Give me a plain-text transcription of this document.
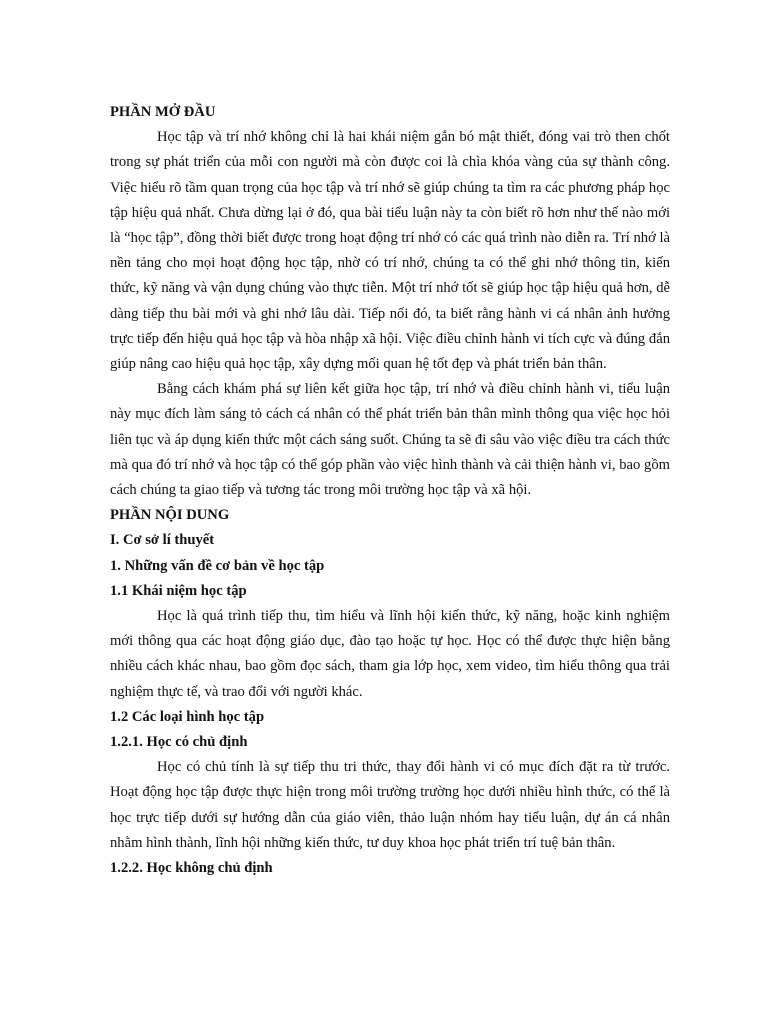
PHẦN MỞ ĐẦU

Học tập và trí nhớ không chỉ là hai khái niệm gắn bó mật thiết, đóng vai trò then chốt trong sự phát triển của mỗi con người mà còn được coi là chìa khóa vàng của sự thành công. Việc hiểu rõ tầm quan trọng của học tập và trí nhớ sẽ giúp chúng ta tìm ra các phương pháp học tập hiệu quả nhất. Chưa dừng lại ở đó, qua bài tiểu luận này ta còn biết rõ hơn như thế nào mới là “học tập”, đồng thời biết được trong hoạt động trí nhớ có các quá trình nào diễn ra. Trí nhớ là nền tảng cho mọi hoạt động học tập, nhờ có trí nhớ, chúng ta có thể ghi nhớ thông tin, kiến thức, kỹ năng và vận dụng chúng vào thực tiễn. Một trí nhớ tốt sẽ giúp học tập hiệu quả hơn, dễ dàng tiếp thu bài mới và ghi nhớ lâu dài. Tiếp nối đó, ta biết rằng hành vi cá nhân ảnh hưởng trực tiếp đến hiệu quả học tập và hòa nhập xã hội. Việc điều chỉnh hành vi tích cực và đúng đắn giúp nâng cao hiệu quả học tập, xây dựng mối quan hệ tốt đẹp và phát triển bản thân.

Bằng cách khám phá sự liên kết giữa học tập, trí nhớ và điều chỉnh hành vi, tiểu luận này mục đích làm sáng tỏ cách cá nhân có thể phát triển bản thân mình thông qua việc học hỏi liên tục và áp dụng kiến thức một cách sáng suốt. Chúng ta sẽ đi sâu vào việc điều tra cách thức mà qua đó trí nhớ và học tập có thể góp phần vào việc hình thành và cải thiện hành vi, bao gồm cách chúng ta giao tiếp và tương tác trong môi trường học tập và xã hội.

PHẦN NỘI DUNG

I. Cơ sở lí thuyết

1. Những vấn đề cơ bản về học tập

1.1 Khái niệm học tập

Học là quá trình tiếp thu, tìm hiểu và lĩnh hội kiến thức, kỹ năng, hoặc kinh nghiệm mới thông qua các hoạt động giáo dục, đào tạo hoặc tự học. Học có thể được thực hiện bằng nhiều cách khác nhau, bao gồm đọc sách, tham gia lớp học, xem video, tìm hiểu thông qua trải nghiệm thực tế, và trao đổi với người khác.

1.2 Các loại hình học tập

1.2.1. Học có chủ định

Học có chủ tính là sự tiếp thu tri thức, thay đổi hành vi có mục đích đặt ra từ trước. Hoạt động học tập được thực hiện trong môi trường trường học dưới nhiều hình thức, có thể là học trực tiếp dưới sự hướng dẫn của giáo viên, thảo luận nhóm hay tiểu luận, dự án cá nhân nhằm hình thành, lĩnh hội những kiến thức, tư duy khoa học phát triển trí tuệ bản thân.

1.2.2. Học không chủ định
